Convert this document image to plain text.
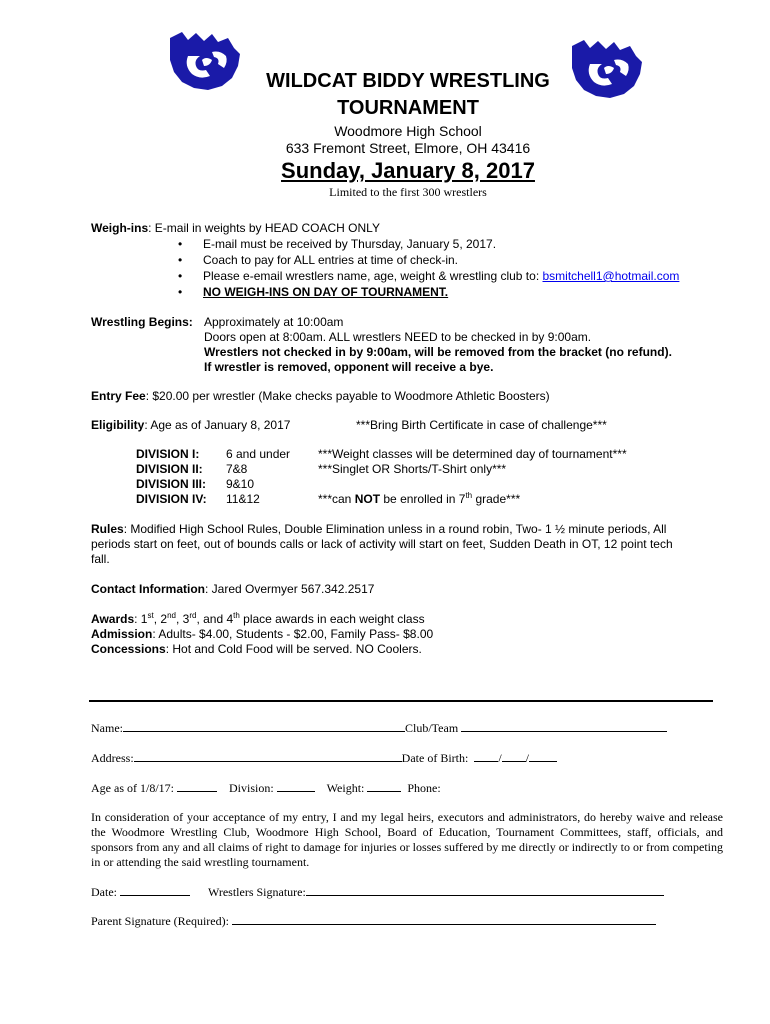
WILDCAT BIDDY WRESTLING
TOURNAMENT
Woodmore High School
633 Fremont Street, Elmore, OH 43416
Sunday, January 8, 2017
Limited to the first 300 wrestlers
Weigh-ins: E-mail in weights by HEAD COACH ONLY
• E-mail must be received by Thursday, January 5, 2017.
• Coach to pay for ALL entries at time of check-in.
• Please e-email wrestlers name, age, weight & wrestling club to: bsmitchell1@hotmail.com
• NO WEIGH-INS ON DAY OF TOURNAMENT.
Wrestling Begins: Approximately at 10:00am
Doors open at 8:00am. ALL wrestlers NEED to be checked in by 9:00am.
Wrestlers not checked in by 9:00am, will be removed from the bracket (no refund).
If wrestler is removed, opponent will receive a bye.
Entry Fee: $20.00 per wrestler (Make checks payable to Woodmore Athletic Boosters)
Eligibility: Age as of January 8, 2017	***Bring Birth Certificate in case of challenge***
DIVISION I:	6 and under	***Weight classes will be determined day of tournament***
DIVISION II:	7&8	***Singlet OR Shorts/T-Shirt only***
DIVISION III:	9&10	
DIVISION IV:	11&12	***can NOT be enrolled in 7th grade***
Rules: Modified High School Rules, Double Elimination unless in a round robin, Two- 1 ½ minute periods, All
periods start on feet, out of bounds calls or lack of activity will start on feet, Sudden Death in OT, 12 point tech
fall.
Contact Information: Jared Overmyer 567.342.2517
Awards: 1st, 2nd, 3rd, and 4th place awards in each weight class
Admission: Adults- $4.00, Students - $2.00, Family Pass- $8.00
Concessions: Hot and Cold Food will be served. NO Coolers.
Name:	Club/Team
Address:	Date of Birth:	/ /
Age as of 1/8/17:	Division:	Weight:	Phone:
In consideration of your acceptance of my entry, I and my legal heirs, executors and administrators, do hereby waive and release the Woodmore Wrestling Club, Woodmore High School, Board of Education, Tournament Committees, staff, officials, and sponsors from any and all claims of right to damage for injuries or losses suffered by me directly or indirectly to or from competing in or attending the said wrestling tournament.
Date:	Wrestlers Signature:
Parent Signature (Required):
